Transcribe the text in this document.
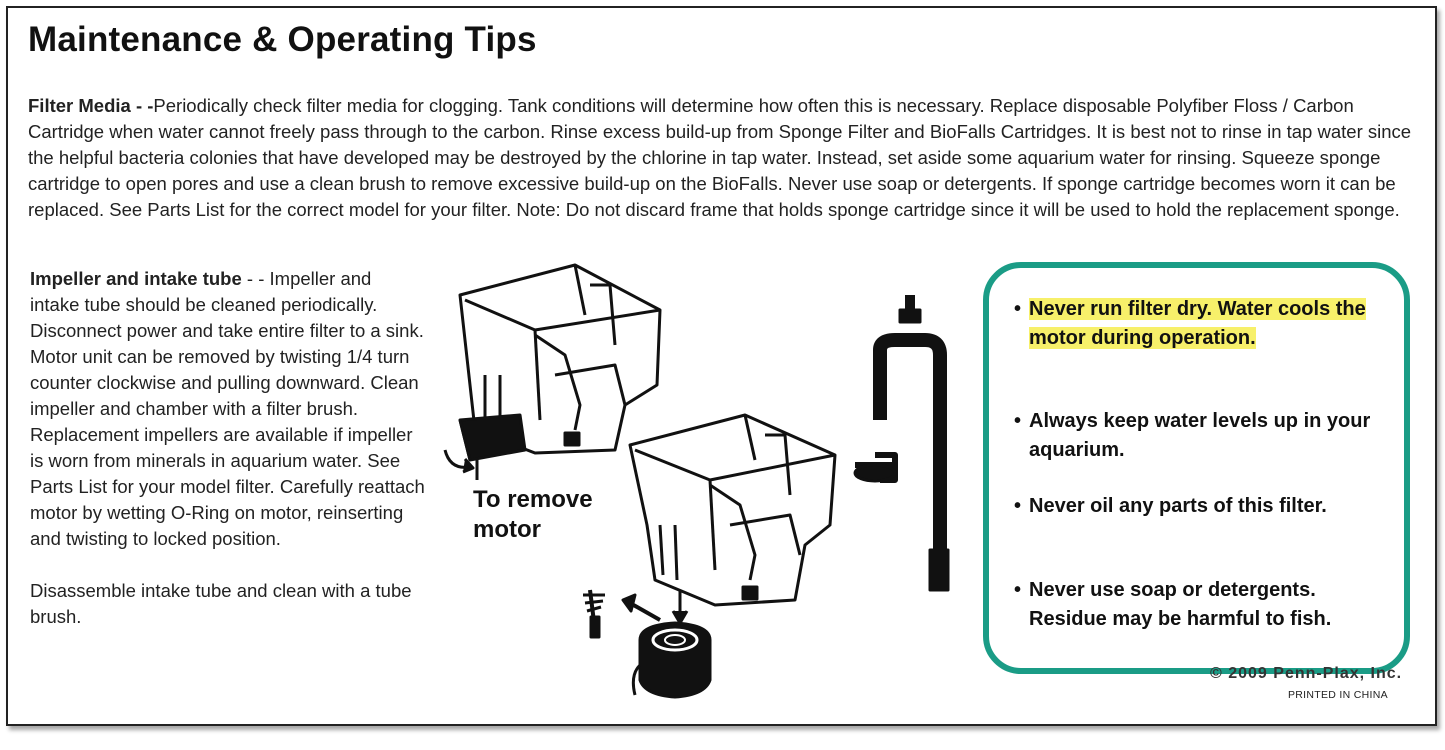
Maintenance & Operating Tips
Filter Media - -Periodically check filter media for clogging. Tank conditions will determine how often this is necessary. Replace disposable Polyfiber Floss / Carbon Cartridge when water cannot freely pass through to the carbon. Rinse excess build-up from Sponge Filter and BioFalls Cartridges. It is best not to rinse in tap water since the helpful bacteria colonies that have developed may be destroyed by the chlorine in tap water. Instead, set aside some aquarium water for rinsing. Squeeze sponge cartridge to open pores and use a clean brush to remove excessive build-up on the BioFalls. Never use soap or detergents. If sponge cartridge becomes worn it can be replaced. See Parts List for the correct model for your filter. Note: Do not discard frame that holds sponge cartridge since it will be used to hold the replacement sponge.

Impeller and intake tube - - Impeller and intake tube should be cleaned periodically. Disconnect power and take entire filter to a sink. Motor unit can be removed by twisting 1/4 turn counter clockwise and pulling downward. Clean impeller and chamber with a filter brush. Replacement impellers are available if impeller is worn from minerals in aquarium water. See Parts List for your model filter. Carefully reattach motor by wetting O-Ring on motor, reinserting and twisting to locked position.

Disassemble intake tube and clean with a tube brush.

To remove motor
• Never run filter dry. Water cools the motor during operation.
• Always keep water levels up in your aquarium.
• Never oil any parts of this filter.
• Never use soap or detergents. Residue may be harmful to fish.
© 2009 Penn-Plax, Inc.
PRINTED IN CHINA
